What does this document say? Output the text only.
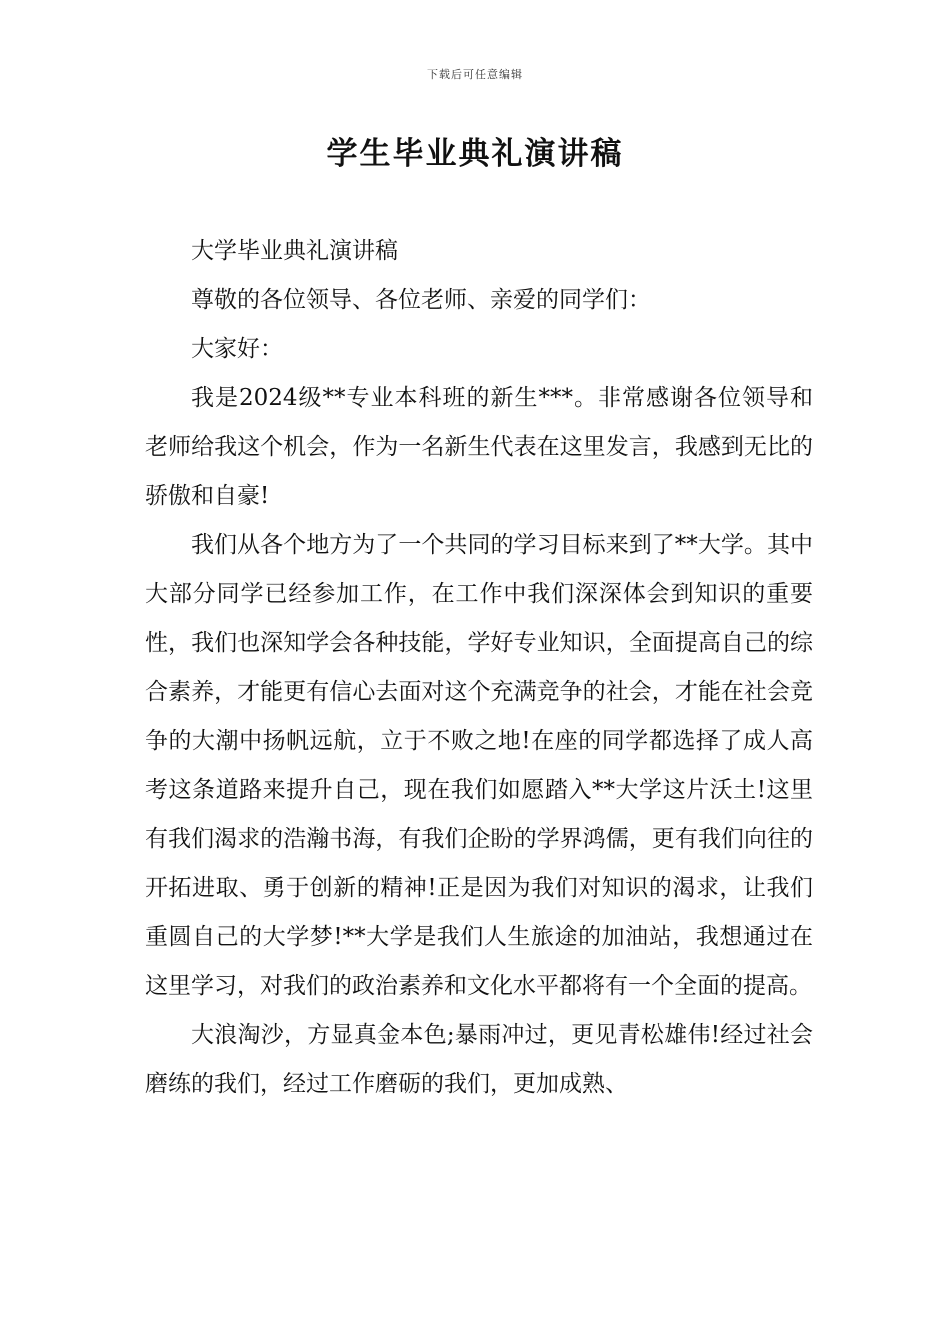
下载后可任意编辑
学生毕业典礼演讲稿

大学毕业典礼演讲稿

尊敬的各位领导、各位老师、亲爱的同学们：

大家好：

我是2024级**专业本科班的新生***。非常感谢各位领导和老师给我这个机会，作为一名新生代表在这里发言，我感到无比的骄傲和自豪!

我们从各个地方为了一个共同的学习目标来到了**大学。其中大部分同学已经参加工作，在工作中我们深深体会到知识的重要性，我们也深知学会各种技能，学好专业知识，全面提高自己的综合素养，才能更有信心去面对这个充满竞争的社会，才能在社会竞争的大潮中扬帆远航，立于不败之地!在座的同学都选择了成人高考这条道路来提升自己，现在我们如愿踏入**大学这片沃土!这里有我们渴求的浩瀚书海，有我们企盼的学界鸿儒，更有我们向往的开拓进取、勇于创新的精神!正是因为我们对知识的渴求，让我们重圆自己的大学梦!**大学是我们人生旅途的加油站，我想通过在这里学习，对我们的政治素养和文化水平都将有一个全面的提高。

大浪淘沙，方显真金本色;暴雨冲过，更见青松雄伟!经过社会磨练的我们，经过工作磨砺的我们，更加成熟、
